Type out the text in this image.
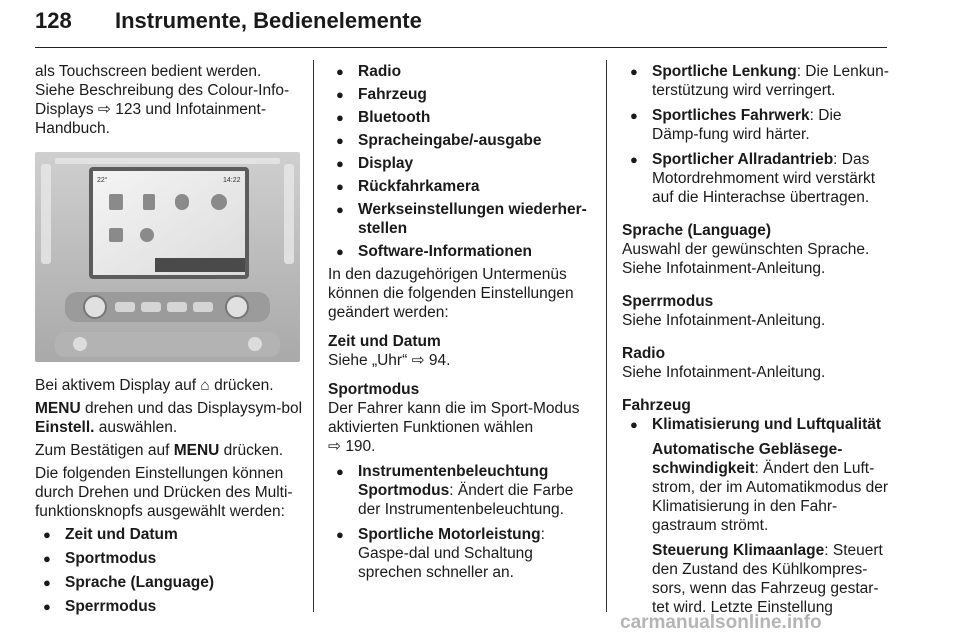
128 Instrumente, Bedienelemente

als Touchscreen bedient werden. Siehe Beschreibung des Colour-Info-Displays ⇨ 123 und Infotainment-Handbuch.

22°	14:22

Bei aktivem Display auf ⌂ drücken.

MENU drehen und das Displaysym-bol Einstell. auswählen.

Zum Bestätigen auf MENU drücken.

Die folgenden Einstellungen können durch Drehen und Drücken des Multi-funktionsknopfs ausgewählt werden:

● Zeit und Datum
● Sportmodus
● Sprache (Language)
● Sperrmodus
● Radio
● Fahrzeug
● Bluetooth
● Spracheingabe/-ausgabe
● Display
● Rückfahrkamera
● Werkseinstellungen wiederher-stellen
● Software-Informationen

In den dazugehörigen Untermenüs können die folgenden Einstellungen geändert werden:

Zeit und Datum

Siehe „Uhr“ ⇨ 94.

Sportmodus

Der Fahrer kann die im Sport-Modus aktivierten Funktionen wählen
⇨ 190.

● Instrumentenbeleuchtung Sportmodus: Ändert die Farbe der Instrumentenbeleuchtung.
● Sportliche Motorleistung: Gaspe-dal und Schaltung sprechen schneller an.
● Sportliche Lenkung: Die Lenkun-terstützung wird verringert.
● Sportliches Fahrwerk: Die Dämp-fung wird härter.
● Sportlicher Allradantrieb: Das Motordrehmoment wird verstärkt auf die Hinterachse übertragen.

Sprache (Language)

Auswahl der gewünschten Sprache. Siehe Infotainment-Anleitung.

Sperrmodus

Siehe Infotainment-Anleitung.

Radio

Siehe Infotainment-Anleitung.

Fahrzeug

● Klimatisierung und Luftqualität

Automatische Gebläsege-schwindigkeit: Ändert den Luft-strom, der im Automatikmodus der Klimatisierung in den Fahr-gastraum strömt.

Steuerung Klimaanlage: Steuert den Zustand des Kühlkompres-sors, wenn das Fahrzeug gestar-tet wird. Letzte Einstellung

carmanualsonline.info
